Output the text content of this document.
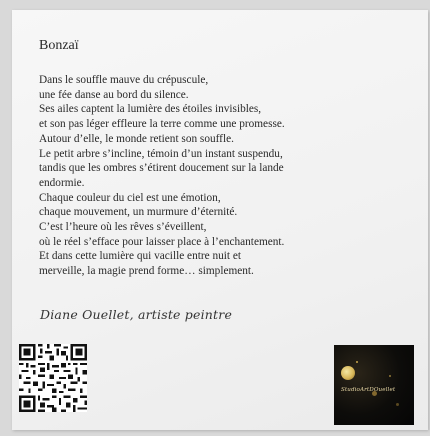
Bonzaï

Dans le souffle mauve du crépuscule,
une fée danse au bord du silence.
Ses ailes captent la lumière des étoiles invisibles,
et son pas léger effleure la terre comme une promesse.
Autour d’elle, le monde retient son souffle.
Le petit arbre s’incline, témoin d’un instant suspendu,
tandis que les ombres s’étirent doucement sur la lande endormie.
Chaque couleur du ciel est une émotion,
chaque mouvement, un murmure d’éternité.
C’est l’heure où les rêves s’éveillent,
où le réel s’efface pour laisser place à l’enchantement.
Et dans cette lumière qui vacille entre nuit et
merveille, la magie prend forme… simplement.

Diane Ouellet, artiste peintre

StudioArtDOuellet
